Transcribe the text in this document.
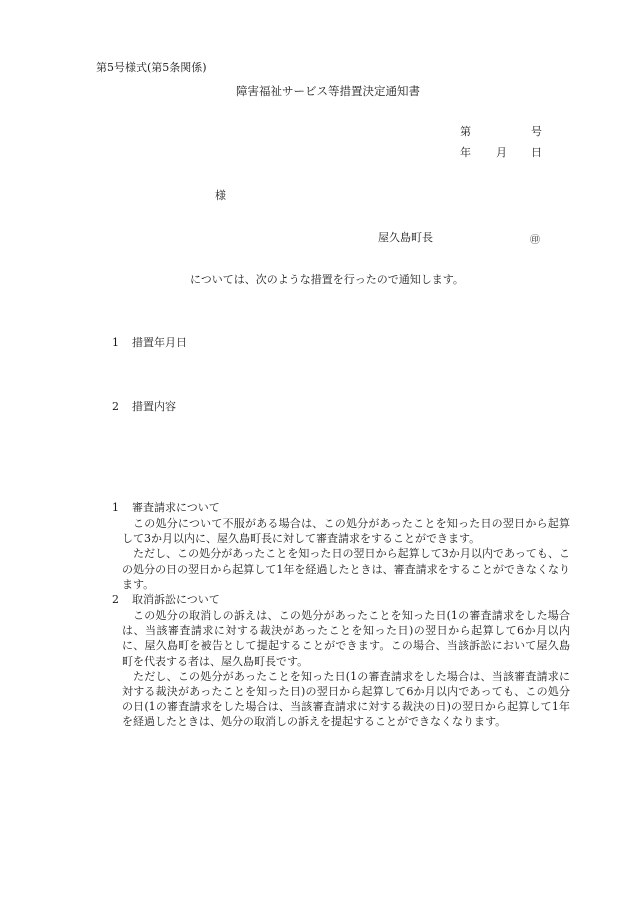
第5号様式(第5条関係)
障害福祉サービス等措置決定通知書
第	号
年 月 日
様
屋久島町長	㊞
については、次のような措置を行ったので通知します。
1 措置年月日
2 措置内容
1 審査請求について

この処分について不服がある場合は、この処分があったことを知った日の翌日から起算して3か月以内に、屋久島町長に対して審査請求をすることができます。

ただし、この処分があったことを知った日の翌日から起算して3か月以内であっても、この処分の日の翌日から起算して1年を経過したときは、審査請求をすることができなくなります。

2 取消訴訟について

この処分の取消しの訴えは、この処分があったことを知った日(1の審査請求をした場合は、当該審査請求に対する裁決があったことを知った日)の翌日から起算して6か月以内に、屋久島町を被告として提起することができます。この場合、当該訴訟において屋久島町を代表する者は、屋久島町長です。

ただし、この処分があったことを知った日(1の審査請求をした場合は、当該審査請求に対する裁決があったことを知った日)の翌日から起算して6か月以内であっても、この処分の日(1の審査請求をした場合は、当該審査請求に対する裁決の日)の翌日から起算して1年を経過したときは、処分の取消しの訴えを提起することができなくなります。
